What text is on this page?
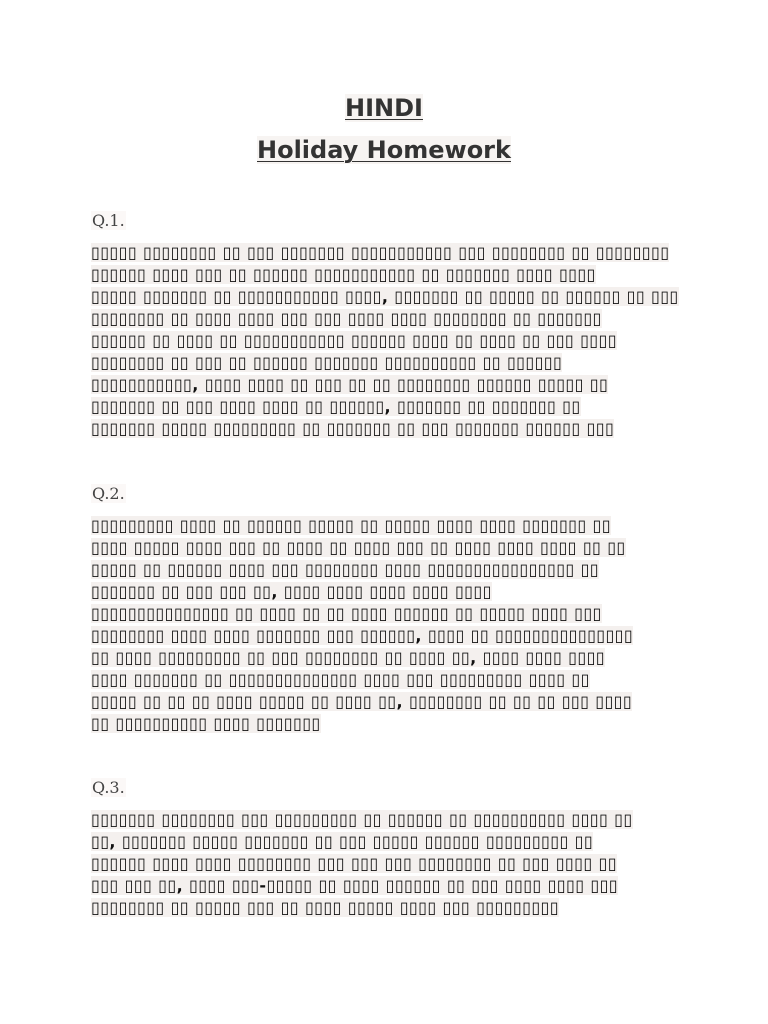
HINDI
Holiday Homework
Q.1.
▯▯▯▯▯ ▯▯▯▯▯▯▯▯ ▯▯ ▯▯▯ ▯▯▯▯▯▯▯ ▯▯▯▯▯▯▯▯▯▯▯ ▯▯▯ ▯▯▯▯▯▯▯▯ ▯▯ ▯▯▯▯▯▯▯▯
▯▯▯▯▯▯ ▯▯▯▯ ▯▯▯ ▯▯ ▯▯▯▯▯▯ ▯▯▯▯▯▯▯▯▯▯▯ ▯▯ ▯▯▯▯▯▯▯ ▯▯▯▯ ▯▯▯▯
▯▯▯▯▯ ▯▯▯▯▯▯▯ ▯▯ ▯▯▯▯▯▯▯▯▯▯▯ ▯▯▯▯, ▯▯▯▯▯▯▯ ▯▯ ▯▯▯▯▯ ▯▯ ▯▯▯▯▯▯ ▯▯ ▯▯▯
▯▯▯▯▯▯▯▯ ▯▯ ▯▯▯▯ ▯▯▯▯ ▯▯▯ ▯▯▯ ▯▯▯▯ ▯▯▯▯ ▯▯▯▯▯▯▯▯ ▯▯ ▯▯▯▯▯▯▯
▯▯▯▯▯▯ ▯▯ ▯▯▯▯ ▯▯ ▯▯▯▯▯▯▯▯▯▯▯ ▯▯▯▯▯▯ ▯▯▯▯ ▯▯ ▯▯▯▯ ▯▯ ▯▯▯ ▯▯▯▯
▯▯▯▯▯▯▯▯ ▯▯ ▯▯▯ ▯▯ ▯▯▯▯▯▯ ▯▯▯▯▯▯▯ ▯▯▯▯▯▯▯▯▯▯ ▯▯ ▯▯▯▯▯▯
▯▯▯▯▯▯▯▯▯▯▯, ▯▯▯▯ ▯▯▯▯ ▯▯ ▯▯▯ ▯▯ ▯▯ ▯▯▯▯▯▯▯▯ ▯▯▯▯▯▯ ▯▯▯▯▯ ▯▯
▯▯▯▯▯▯▯ ▯▯ ▯▯▯ ▯▯▯▯ ▯▯▯▯ ▯▯ ▯▯▯▯▯▯, ▯▯▯▯▯▯▯ ▯▯ ▯▯▯▯▯▯▯ ▯▯
▯▯▯▯▯▯▯ ▯▯▯▯▯ ▯▯▯▯▯▯▯▯▯ ▯▯ ▯▯▯▯▯▯▯ ▯▯ ▯▯▯ ▯▯▯▯▯▯▯ ▯▯▯▯▯▯ ▯▯▯
Q.2.
▯▯▯▯▯▯▯▯▯ ▯▯▯▯ ▯▯ ▯▯▯▯▯▯ ▯▯▯▯▯ ▯▯ ▯▯▯▯▯ ▯▯▯▯ ▯▯▯▯ ▯▯▯▯▯▯▯ ▯▯
▯▯▯▯ ▯▯▯▯▯ ▯▯▯▯ ▯▯▯ ▯▯ ▯▯▯▯ ▯▯ ▯▯▯▯ ▯▯▯ ▯▯ ▯▯▯▯ ▯▯▯▯ ▯▯▯▯ ▯▯ ▯▯
▯▯▯▯▯ ▯▯ ▯▯▯▯▯▯ ▯▯▯▯ ▯▯▯ ▯▯▯▯▯▯▯▯ ▯▯▯▯ ▯▯▯▯▯▯▯▯▯▯▯▯▯▯▯▯ ▯▯
▯▯▯▯▯▯▯ ▯▯ ▯▯▯ ▯▯▯ ▯▯, ▯▯▯▯ ▯▯▯▯ ▯▯▯▯ ▯▯▯▯ ▯▯▯▯
▯▯▯▯▯▯▯▯▯▯▯▯▯▯▯ ▯▯ ▯▯▯▯ ▯▯ ▯▯ ▯▯▯▯ ▯▯▯▯▯▯ ▯▯ ▯▯▯▯▯ ▯▯▯▯ ▯▯▯
▯▯▯▯▯▯▯▯ ▯▯▯▯ ▯▯▯▯ ▯▯▯▯▯▯▯ ▯▯▯ ▯▯▯▯▯▯, ▯▯▯▯ ▯▯ ▯▯▯▯▯▯▯▯▯▯▯▯▯▯▯
▯▯ ▯▯▯▯ ▯▯▯▯▯▯▯▯▯ ▯▯ ▯▯▯ ▯▯▯▯▯▯▯▯ ▯▯ ▯▯▯▯ ▯▯, ▯▯▯▯ ▯▯▯▯ ▯▯▯▯
▯▯▯▯ ▯▯▯▯▯▯▯ ▯▯ ▯▯▯▯▯▯▯▯▯▯▯▯▯▯ ▯▯▯▯ ▯▯▯ ▯▯▯▯▯▯▯▯▯ ▯▯▯▯ ▯▯
▯▯▯▯▯ ▯▯ ▯▯ ▯▯ ▯▯▯▯ ▯▯▯▯▯ ▯▯ ▯▯▯▯ ▯▯, ▯▯▯▯▯▯▯▯ ▯▯ ▯▯ ▯▯ ▯▯▯ ▯▯▯▯
▯▯ ▯▯▯▯▯▯▯▯▯▯ ▯▯▯▯ ▯▯▯▯▯▯▯
Q.3.
▯▯▯▯▯▯▯ ▯▯▯▯▯▯▯▯ ▯▯▯ ▯▯▯▯▯▯▯▯▯ ▯▯ ▯▯▯▯▯▯ ▯▯ ▯▯▯▯▯▯▯▯▯▯ ▯▯▯▯ ▯▯
▯▯, ▯▯▯▯▯▯▯ ▯▯▯▯▯ ▯▯▯▯▯▯▯ ▯▯ ▯▯▯ ▯▯▯▯▯ ▯▯▯▯▯▯ ▯▯▯▯▯▯▯▯▯ ▯▯
▯▯▯▯▯▯ ▯▯▯▯ ▯▯▯▯ ▯▯▯▯▯▯▯▯ ▯▯▯ ▯▯▯ ▯▯▯ ▯▯▯▯▯▯▯▯ ▯▯ ▯▯▯ ▯▯▯▯ ▯▯
▯▯▯ ▯▯▯ ▯▯, ▯▯▯▯ ▯▯▯-▯▯▯▯▯ ▯▯ ▯▯▯▯ ▯▯▯▯▯▯ ▯▯ ▯▯▯ ▯▯▯▯ ▯▯▯▯ ▯▯▯
▯▯▯▯▯▯▯▯ ▯▯ ▯▯▯▯▯ ▯▯▯ ▯▯ ▯▯▯▯ ▯▯▯▯▯ ▯▯▯▯ ▯▯▯ ▯▯▯▯▯▯▯▯▯
